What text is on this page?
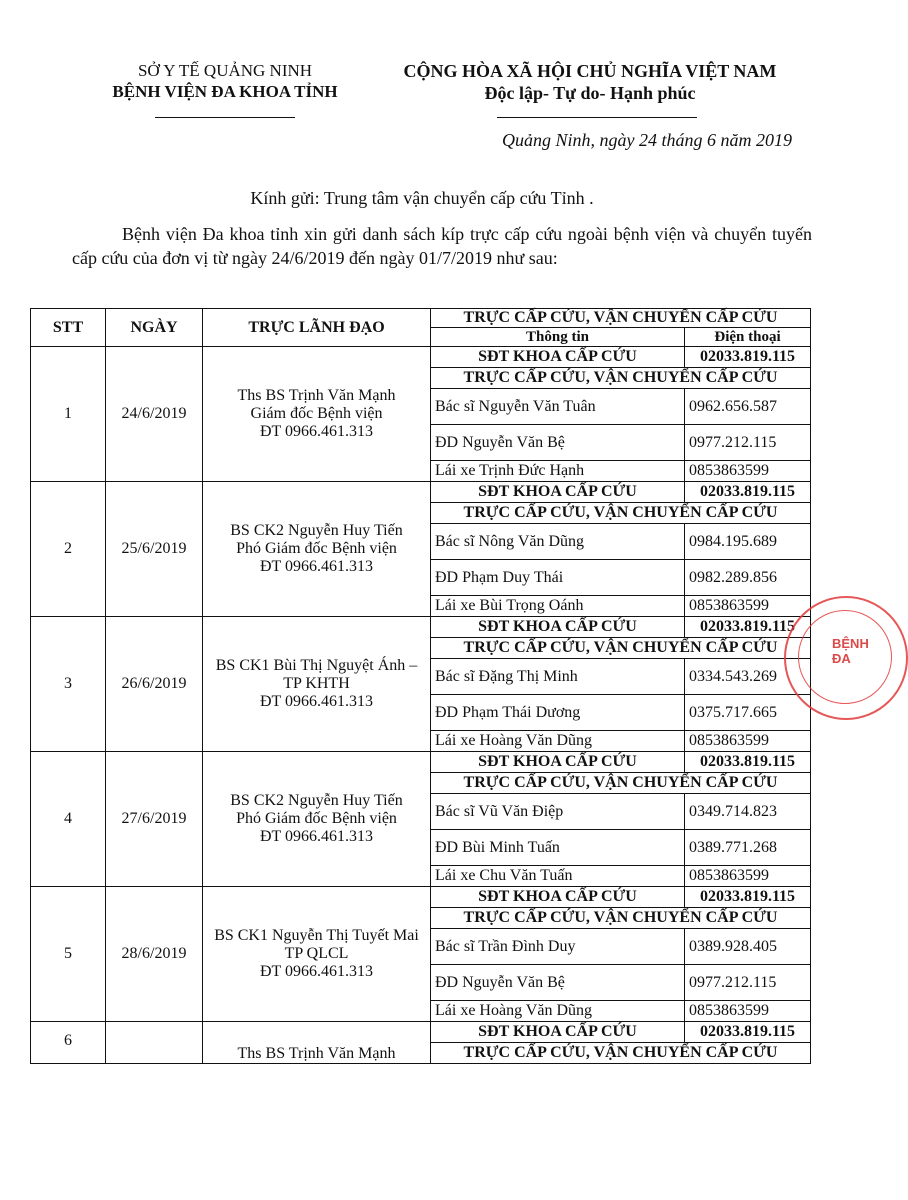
SỞ Y TẾ QUẢNG NINH
BỆNH VIỆN ĐA KHOA TỈNH
CỘNG HÒA XÃ HỘI CHỦ NGHĨA VIỆT NAM
Độc lập- Tự do- Hạnh phúc
Quảng Ninh, ngày 24 tháng 6 năm 2019
Kính gửi: Trung tâm vận chuyển cấp cứu Tỉnh .
Bệnh viện Đa khoa tỉnh xin gửi danh sách kíp trực cấp cứu ngoài bệnh viện và chuyển tuyến cấp cứu của đơn vị từ ngày 24/6/2019 đến ngày 01/7/2019 như sau:
STT	NGÀY	TRỰC LÃNH ĐẠO	TRỰC CẤP CỨU, VẬN CHUYỂN CẤP CỨU	
			Thông tin	Điện thoại
1	24/6/2019	Ths BS Trịnh Văn Mạnh
Giám đốc Bệnh viện
ĐT 0966.461.313	SĐT KHOA CẤP CỨU	02033.819.115
			TRỰC CẤP CỨU, VẬN CHUYỂN CẤP CỨU	
			Bác sĩ Nguyễn Văn Tuân	0962.656.587
			ĐD Nguyễn Văn Bệ	0977.212.115
			Lái xe Trịnh Đức Hạnh	0853863599
2	25/6/2019	BS CK2 Nguyễn Huy Tiến
Phó Giám đốc Bệnh viện
ĐT 0966.461.313	SĐT KHOA CẤP CỨU	02033.819.115
			TRỰC CẤP CỨU, VẬN CHUYỂN CẤP CỨU	
			Bác sĩ Nông Văn Dũng	0984.195.689
			ĐD Phạm Duy Thái	0982.289.856
			Lái xe Bùi Trọng Oánh	0853863599
3	26/6/2019	BS CK1 Bùi Thị Nguyệt Ánh –
TP KHTH
ĐT 0966.461.313	SĐT KHOA CẤP CỨU	02033.819.115
			TRỰC CẤP CỨU, VẬN CHUYỂN CẤP CỨU	
			Bác sĩ Đặng Thị Minh	0334.543.269
			ĐD Phạm Thái Dương	0375.717.665
			Lái xe Hoàng Văn Dũng	0853863599
4	27/6/2019	BS CK2 Nguyễn Huy Tiến
Phó Giám đốc Bệnh viện
ĐT 0966.461.313	SĐT KHOA CẤP CỨU	02033.819.115
			TRỰC CẤP CỨU, VẬN CHUYỂN CẤP CỨU	
			Bác sĩ Vũ Văn Điệp	0349.714.823
			ĐD Bùi Minh Tuấn	0389.771.268
			Lái xe Chu Văn Tuấn	0853863599
5	28/6/2019	BS CK1 Nguyễn Thị Tuyết Mai
TP QLCL
ĐT 0966.461.313	SĐT KHOA CẤP CỨU	02033.819.115
			TRỰC CẤP CỨU, VẬN CHUYỂN CẤP CỨU	
			Bác sĩ Trần Đình Duy	0389.928.405
			ĐD Nguyễn Văn Bệ	0977.212.115
			Lái xe Hoàng Văn Dũng	0853863599
6		Ths BS Trịnh Văn Mạnh	SĐT KHOA CẤP CỨU	02033.819.115
			TRỰC CẤP CỨU, VẬN CHUYỂN CẤP CỨU	
BỆNH
ĐA
